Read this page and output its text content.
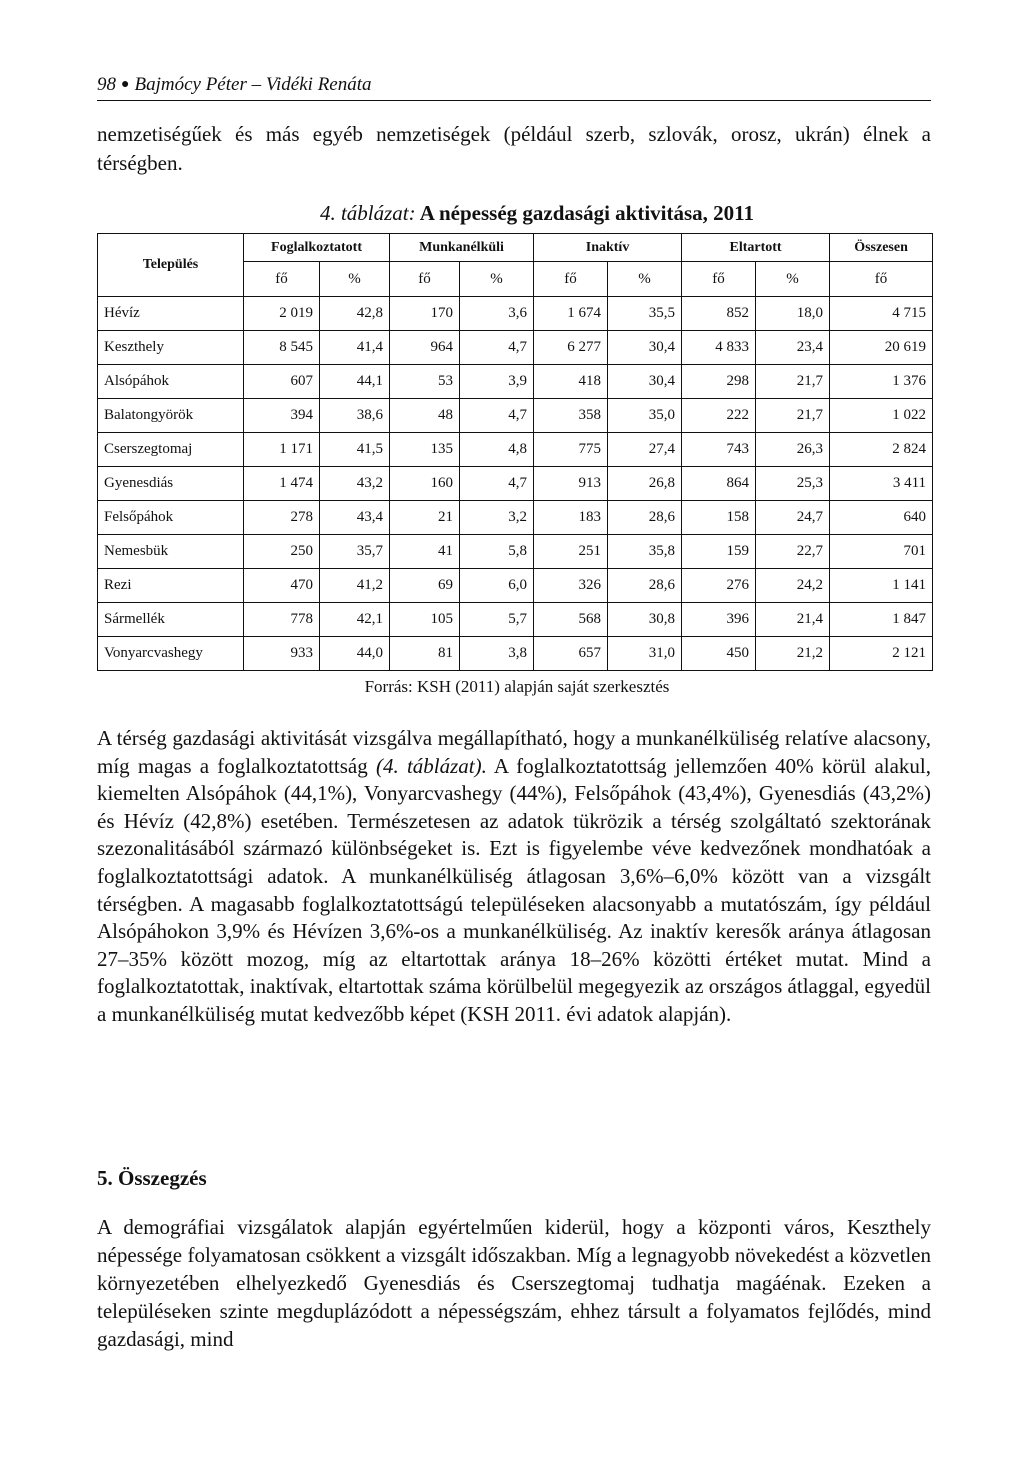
98 ● Bajmócy Péter – Vidéki Renáta
nemzetiségűek és más egyéb nemzetiségek (például szerb, szlovák, orosz, ukrán) élnek a térségben.
4. táblázat: A népesség gazdasági aktivitása, 2011
Település	Foglalkoztatott		Munkanélküli		Inaktív		Eltartott		Összesen
	fő	%	fő	%	fő	%	fő	%	fő
Hévíz	2 019	42,8	170	3,6	1 674	35,5	852	18,0	4 715
Keszthely	8 545	41,4	964	4,7	6 277	30,4	4 833	23,4	20 619
Alsópáhok	607	44,1	53	3,9	418	30,4	298	21,7	1 376
Balatongyörök	394	38,6	48	4,7	358	35,0	222	21,7	1 022
Cserszegtomaj	1 171	41,5	135	4,8	775	27,4	743	26,3	2 824
Gyenesdiás	1 474	43,2	160	4,7	913	26,8	864	25,3	3 411
Felsőpáhok	278	43,4	21	3,2	183	28,6	158	24,7	640
Nemesbük	250	35,7	41	5,8	251	35,8	159	22,7	701
Rezi	470	41,2	69	6,0	326	28,6	276	24,2	1 141
Sármellék	778	42,1	105	5,7	568	30,8	396	21,4	1 847
Vonyarcvashegy	933	44,0	81	3,8	657	31,0	450	21,2	2 121
Forrás: KSH (2011) alapján saját szerkesztés
A térség gazdasági aktivitását vizsgálva megállapítható, hogy a munkanélküliség relatíve alacsony, míg magas a foglalkoztatottság (4. táblázat). A foglalkoztatottság jellemzően 40% körül alakul, kiemelten Alsópáhok (44,1%), Vonyarcvashegy (44%), Felsőpáhok (43,4%), Gyenesdiás (43,2%) és Hévíz (42,8%) esetében. Természetesen az adatok tükrözik a térség szolgáltató szektorának szezonalitásából származó különbségeket is. Ezt is figyelembe véve kedvezőnek mondhatóak a foglalkoztatottsági adatok. A munkanélküliség átlagosan 3,6%–6,0% között van a vizsgált térségben. A magasabb foglalkoztatottságú településeken alacsonyabb a mutatószám, így például Alsópáhokon 3,9% és Hévízen 3,6%-os a munkanélküliség. Az inaktív keresők aránya átlagosan 27–35% között mozog, míg az eltartottak aránya 18–26% közötti értéket mutat. Mind a foglalkoztatottak, inaktívak, eltartottak száma körülbelül megegyezik az országos átlaggal, egyedül a munkanélküliség mutat kedvezőbb képet (KSH 2011. évi adatok alapján).
5. Összegzés
A demográfiai vizsgálatok alapján egyértelműen kiderül, hogy a központi város, Keszthely népessége folyamatosan csökkent a vizsgált időszakban. Míg a legnagyobb növekedést a közvetlen környezetében elhelyezkedő Gyenesdiás és Cserszegtomaj tudhatja magáénak. Ezeken a településeken szinte megduplázódott a népességszám, ehhez társult a folyamatos fejlődés, mind gazdasági, mind
